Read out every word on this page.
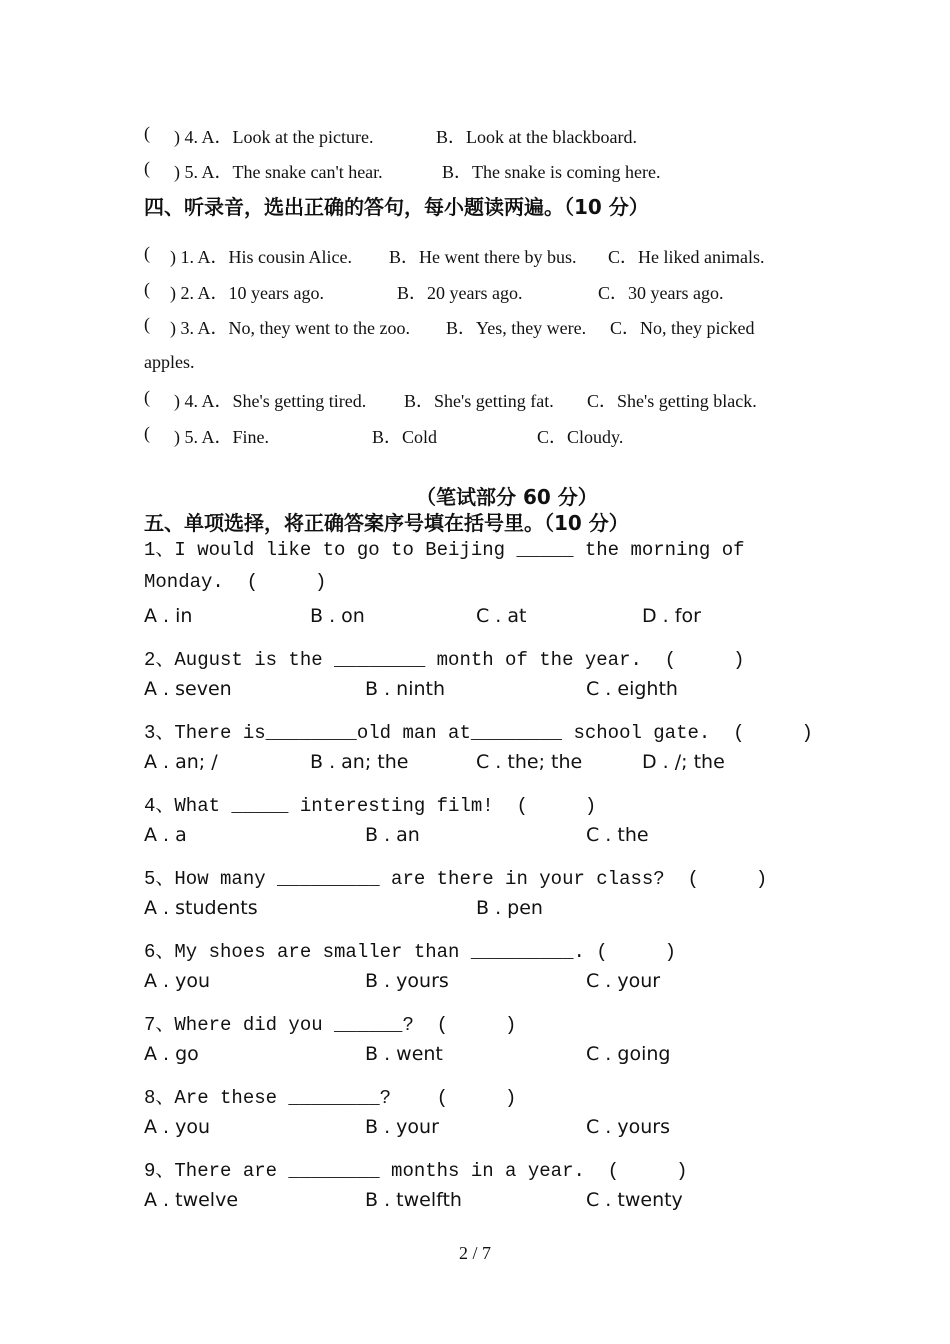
( ) 4. A．Look at the picture.	B．Look at the blackboard.
( ) 5. A．The snake can't hear.	B．The snake is coming here.
四、听录音，选出正确的答句，每小题读两遍。（10 分）
( ) 1. A．His cousin Alice. B．He went there by bus. C．He liked animals.
( ) 2. A．10 years ago.	B．20 years ago.	C．30 years ago.
( ) 3. A．No, they went to the zoo. B．Yes, they were. C．No, they picked
apples.
( ) 4. A．She's getting tired. B．She's getting fat. C．She's getting black.
( ) 5. A．Fine.	B．Cold	C．Cloudy.
（笔试部分 60 分）
五、单项选择，将正确答案序号填在括号里。（10 分）
1、I would like to go to Beijing _____ the morning of
Monday.  (     )
A . in	B . on	C . at	D . for
2、August is the ________ month of the year.  (     )
A . seven	B . ninth	C . eighth
3、There is________old man at________ school gate.  (     )
A . an; /	B . an; the	C . the; the	D . /; the
4、What _____ interesting film!  (     )
A . a	B . an	C . the
5、How many _________ are there in your class?  (     )
A . students	B . pen
6、My shoes are smaller than _________. (     )
A . you	B . yours	C . your
7、Where did you ______?  (     )
A . go	B . went	C . going
8、Are these ________?    (     )
A . you	B . your	C . yours
9、There are ________ months in a year.  (     )
A . twelve	B . twelfth	C . twenty
2 / 7
